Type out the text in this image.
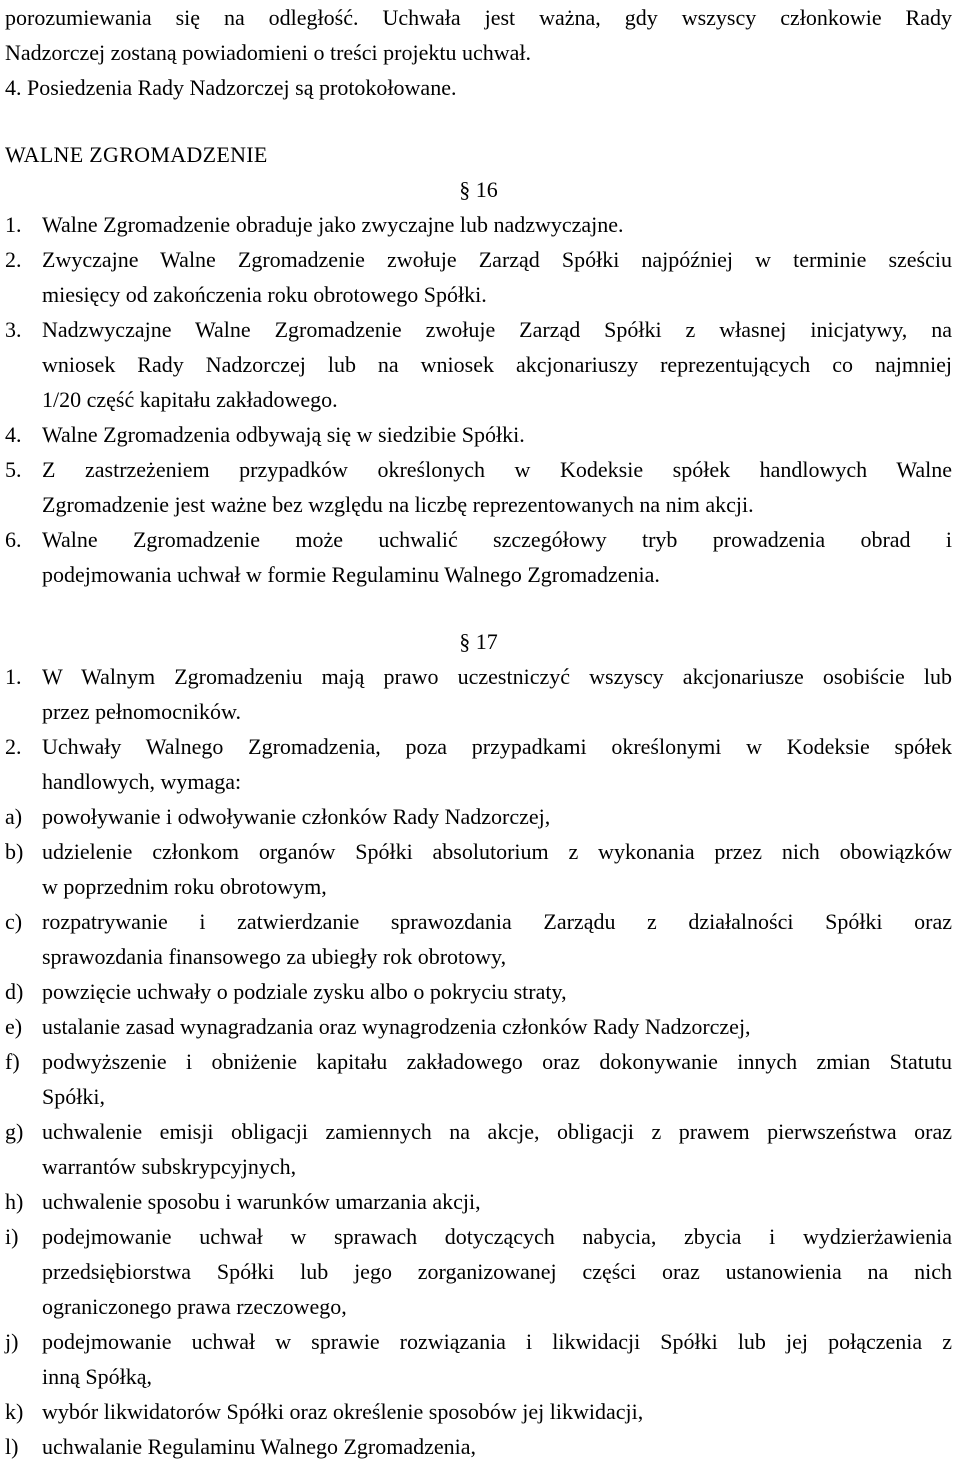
porozumiewania się na odległość. Uchwała jest ważna, gdy wszyscy członkowie Rady

Nadzorczej zostaną powiadomieni o treści projektu uchwał.

4. Posiedzenia Rady Nadzorczej są protokołowane.

WALNE ZGROMADZENIE

§ 16

1. Walne Zgromadzenie obraduje jako zwyczajne lub nadzwyczajne.
2. Zwyczajne Walne Zgromadzenie zwołuje Zarząd Spółki najpóźniej w terminie sześciu
miesięcy od zakończenia roku obrotowego Spółki.
3. Nadzwyczajne Walne Zgromadzenie zwołuje Zarząd Spółki z własnej inicjatywy, na
wniosek Rady Nadzorczej lub na wniosek akcjonariuszy reprezentujących co najmniej
1/20 część kapitału zakładowego.
4. Walne Zgromadzenia odbywają się w siedzibie Spółki.
5. Z zastrzeżeniem przypadków określonych w Kodeksie spółek handlowych Walne
Zgromadzenie jest ważne bez względu na liczbę reprezentowanych na nim akcji.
6. Walne Zgromadzenie może uchwalić szczegółowy tryb prowadzenia obrad i
podejmowania uchwał w formie Regulaminu Walnego Zgromadzenia.

§ 17

1. W Walnym Zgromadzeniu mają prawo uczestniczyć wszyscy akcjonariusze osobiście lub
przez pełnomocników.
2. Uchwały Walnego Zgromadzenia, poza przypadkami określonymi w Kodeksie spółek
handlowych, wymaga:
a) powoływanie i odwoływanie członków Rady Nadzorczej,
b) udzielenie członkom organów Spółki absolutorium z wykonania przez nich obowiązków
w poprzednim roku obrotowym,
c) rozpatrywanie i zatwierdzanie sprawozdania Zarządu z działalności Spółki oraz
sprawozdania finansowego za ubiegły rok obrotowy,
d) powzięcie uchwały o podziale zysku albo o pokryciu straty,
e) ustalanie zasad wynagradzania oraz wynagrodzenia członków Rady Nadzorczej,
f)	podwyższenie i obniżenie kapitału zakładowego oraz dokonywanie innych zmian Statutu
Spółki,
g) uchwalenie emisji obligacji zamiennych na akcje, obligacji z prawem pierwszeństwa oraz
warrantów subskrypcyjnych,
h) uchwalenie sposobu i warunków umarzania akcji,
i)	podejmowanie uchwał w sprawach dotyczących nabycia, zbycia i wydzierżawienia
przedsiębiorstwa Spółki lub jego zorganizowanej części oraz ustanowienia na nich
ograniczonego prawa rzeczowego,
j)	podejmowanie uchwał w sprawie rozwiązania i likwidacji Spółki lub jej połączenia z
inną Spółką,
k) wybór likwidatorów Spółki oraz określenie sposobów jej likwidacji,
l)	uchwalanie Regulaminu Walnego Zgromadzenia,
